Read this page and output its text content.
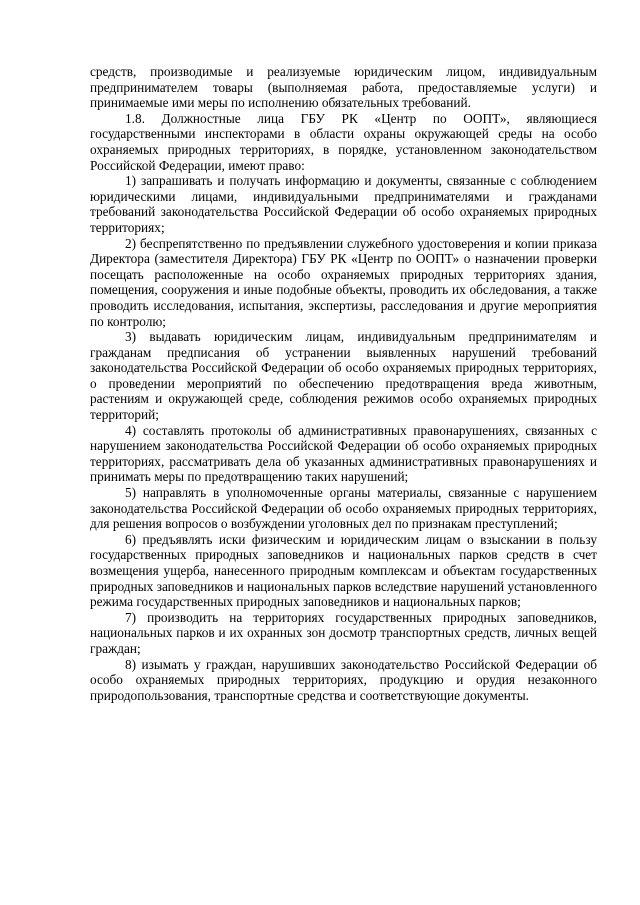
средств, производимые и реализуемые юридическим лицом, индивидуальным предпринимателем товары (выполняемая работа, предоставляемые услуги) и принимаемые ими меры по исполнению обязательных требований.

1.8. Должностные лица ГБУ РК «Центр по ООПТ», являющиеся государственными инспекторами в области охраны окружающей среды на особо охраняемых природных территориях, в порядке, установленном законодательством Российской Федерации, имеют право:

1) запрашивать и получать информацию и документы, связанные с соблюдением юридическими лицами, индивидуальными предпринимателями и гражданами требований законодательства Российской Федерации об особо охраняемых природных территориях;

2) беспрепятственно по предъявлении служебного удостоверения и копии приказа Директора (заместителя Директора) ГБУ РК «Центр по ООПТ» о назначении проверки посещать расположенные на особо охраняемых природных территориях здания, помещения, сооружения и иные подобные объекты, проводить их обследования, а также проводить исследования, испытания, экспертизы, расследования и другие мероприятия по контролю;

3) выдавать юридическим лицам, индивидуальным предпринимателям и гражданам предписания об устранении выявленных нарушений требований законодательства Российской Федерации об особо охраняемых природных территориях, о проведении мероприятий по обеспечению предотвращения вреда животным, растениям и окружающей среде, соблюдения режимов особо охраняемых природных территорий;

4) составлять протоколы об административных правонарушениях, связанных с нарушением законодательства Российской Федерации об особо охраняемых природных территориях, рассматривать дела об указанных административных правонарушениях и принимать меры по предотвращению таких нарушений;

5) направлять в уполномоченные органы материалы, связанные с нарушением законодательства Российской Федерации об особо охраняемых природных территориях, для решения вопросов о возбуждении уголовных дел по признакам преступлений;

6) предъявлять иски физическим и юридическим лицам о взыскании в пользу государственных природных заповедников и национальных парков средств в счет возмещения ущерба, нанесенного природным комплексам и объектам государственных природных заповедников и национальных парков вследствие нарушений установленного режима государственных природных заповедников и национальных парков;

7) производить на территориях государственных природных заповедников, национальных парков и их охранных зон досмотр транспортных средств, личных вещей граждан;

8) изымать у граждан, нарушивших законодательство Российской Федерации об особо охраняемых природных территориях, продукцию и орудия незаконного природопользования, транспортные средства и соответствующие документы.
